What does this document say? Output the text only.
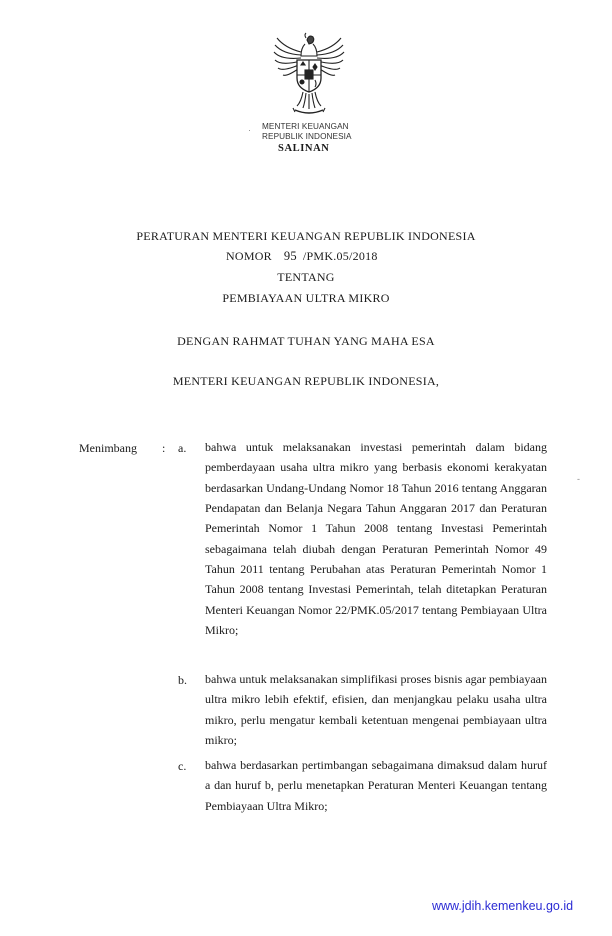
MENTERI KEUANGAN
REPUBLIK INDONESIA
SALINAN
PERATURAN MENTERI KEUANGAN REPUBLIK INDONESIA
NOMOR 95 /PMK.05/2018
TENTANG
PEMBIAYAAN ULTRA MIKRO
DENGAN RAHMAT TUHAN YANG MAHA ESA
MENTERI KEUANGAN REPUBLIK INDONESIA,
Menimbang : a. bahwa untuk melaksanakan investasi pemerintah dalam bidang pemberdayaan usaha ultra mikro yang berbasis ekonomi kerakyatan berdasarkan Undang-Undang Nomor 18 Tahun 2016 tentang Anggaran Pendapatan dan Belanja Negara Tahun Anggaran 2017 dan Peraturan Pemerintah Nomor 1 Tahun 2008 tentang Investasi Pemerintah sebagaimana telah diubah dengan Peraturan Pemerintah Nomor 49 Tahun 2011 tentang Perubahan atas Peraturan Pemerintah Nomor 1 Tahun 2008 tentang Investasi Pemerintah, telah ditetapkan Peraturan Menteri Keuangan Nomor 22/PMK.05/2017 tentang Pembiayaan Ultra Mikro;
b. bahwa untuk melaksanakan simplifikasi proses bisnis agar pembiayaan ultra mikro lebih efektif, efisien, dan menjangkau pelaku usaha ultra mikro, perlu mengatur kembali ketentuan mengenai pembiayaan ultra mikro;
c. bahwa berdasarkan pertimbangan sebagaimana dimaksud dalam huruf a dan huruf b, perlu menetapkan Peraturan Menteri Keuangan tentang Pembiayaan Ultra Mikro;
·
-
www.jdih.kemenkeu.go.id
